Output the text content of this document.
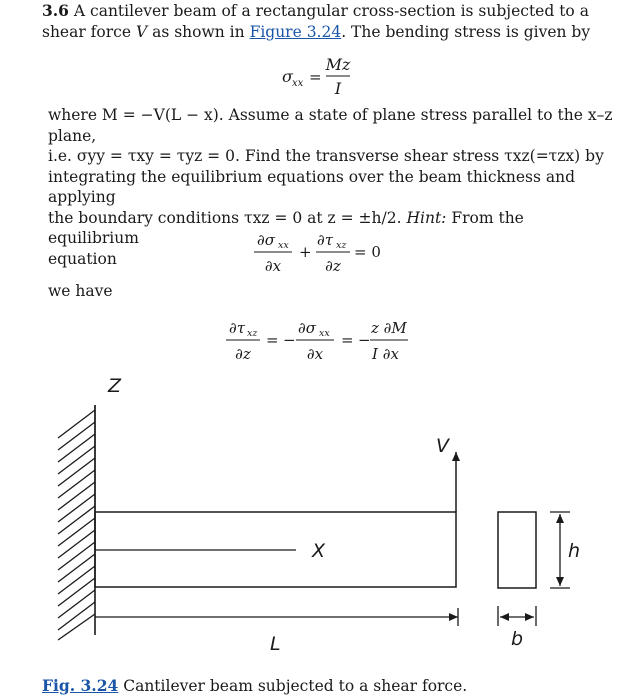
3.6 A cantilever beam of a rectangular cross-section is subjected to a shear force V as shown in Figure 3.24. The bending stress is given by
σ xx =
Mz
I
where M = −V(L − x). Assume a state of plane stress parallel to the x–z plane,
i.e. σyy = τxy = τyz = 0. Find the transverse shear stress τxz(=τzx) by
integrating the equilibrium equations over the beam thickness and applying
the boundary conditions τxz = 0 at z = ±h/2. Hint: From the equilibrium
equation
∂σ xx
∂x
+
∂τ xz
∂z
= 0
we have
∂τ xz
∂z
= −
∂σ xx
∂x
= −
z ∂M
I ∂x
Z
X
V
L
h
b
Fig. 3.24 Cantilever beam subjected to a shear force.
